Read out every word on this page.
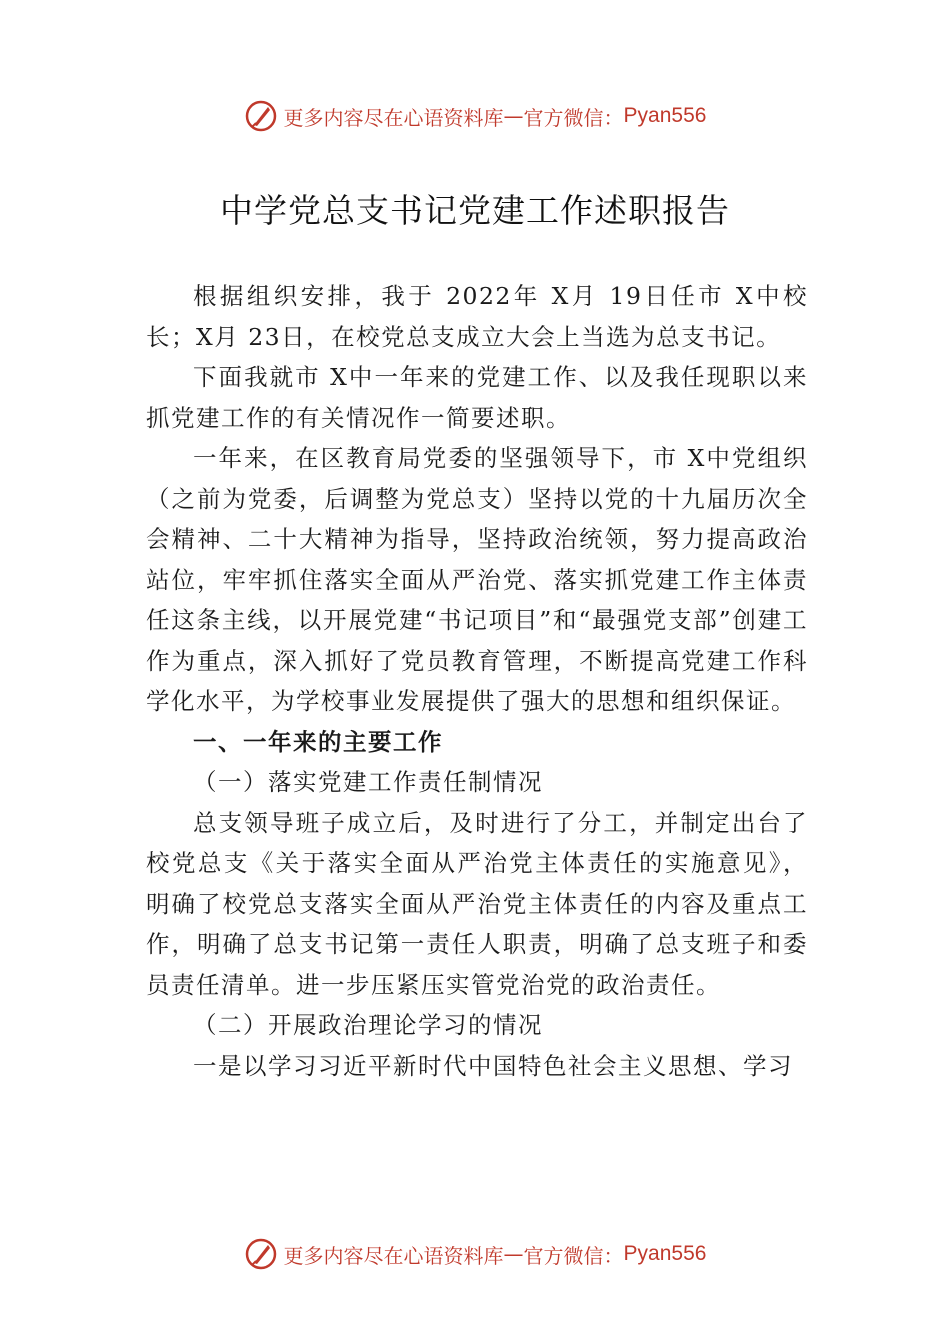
更多内容尽在心语资料库 — 官方微信： Pyan556
中学党总支书记党建工作述职报告

根据组织安排，我于 2022年 X月 19日任市 X中校长；X月 23日，在校党总支成立大会上当选为总支书记。

下面我就市 X中一年来的党建工作、以及我任现职以来抓党建工作的有关情况作一简要述职。

一年来，在区教育局党委的坚强领导下，市 X中党组织（之前为党委，后调整为党总支）坚持以党的十九届历次全会精神、二十大精神为指导，坚持政治统领，努力提高政治站位，牢牢抓住落实全面从严治党、落实抓党建工作主体责任这条主线，以开展党建“书记项目”和“最强党支部”创建工作为重点，深入抓好了党员教育管理，不断提高党建工作科学化水平，为学校事业发展提供了强大的思想和组织保证。

一、一年来的主要工作
（一）落实党建工作责任制情况

总支领导班子成立后，及时进行了分工，并制定出台了校党总支《关于落实全面从严治党主体责任的实施意见》，明确了校党总支落实全面从严治党主体责任的内容及重点工作，明确了总支书记第一责任人职责，明确了总支班子和委员责任清单。进一步压紧压实管党治党的政治责任。

（二）开展政治理论学习的情况

一是以学习习近平新时代中国特色社会主义思想、学习

更多内容尽在心语资料库 — 官方微信： Pyan556
